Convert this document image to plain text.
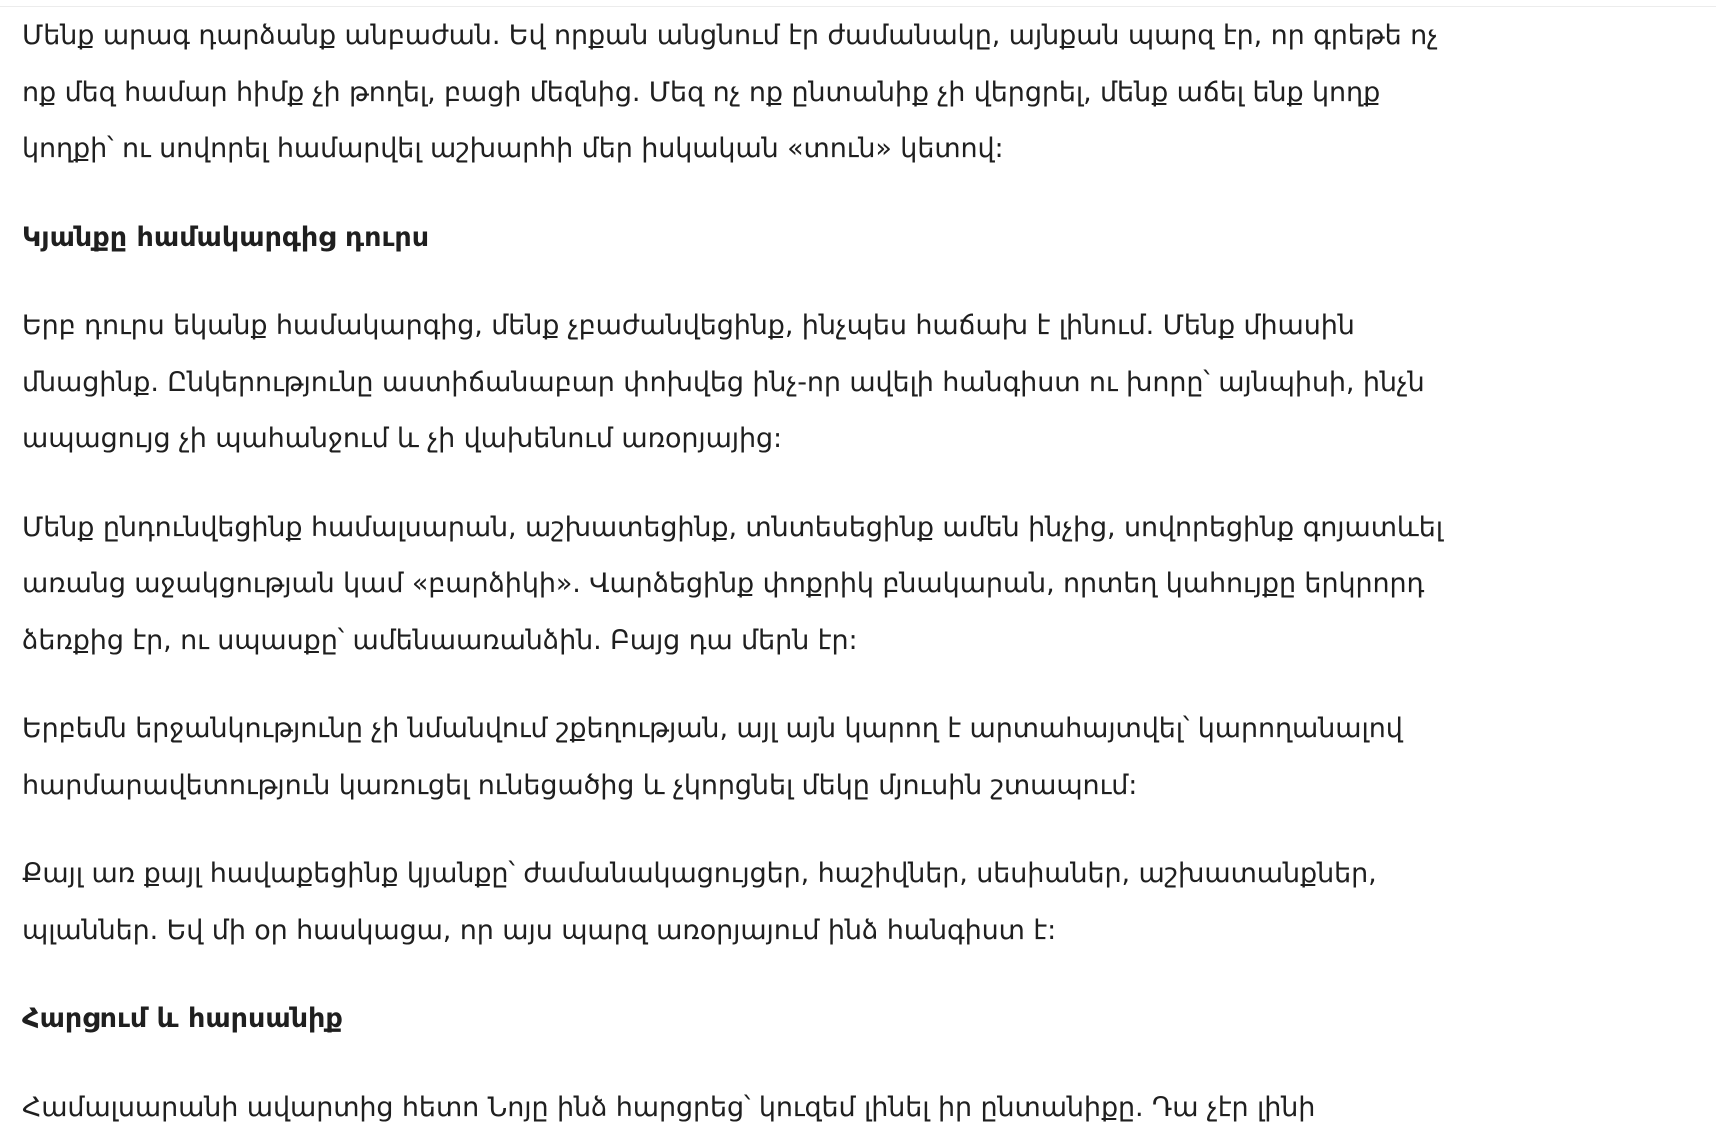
Մենք արագ դարձանք անբաժան. Եվ որքան անցնում էր ժամանակը, այնքան պարզ էր, որ գրեթե ոչ
ոք մեզ համար հիմք չի թողել, բացի մեզնից. Մեզ ոչ ոք ընտանիք չի վերցրել, մենք աճել ենք կողք
կողքի՝ ու սովորել համարվել աշխարհի մեր իսկական «տուն» կետով:

Կյանքը համակարգից դուրս

Երբ դուրս եկանք համակարգից, մենք չբաժանվեցինք, ինչպես հաճախ է լինում. Մենք միասին
մնացինք. Ընկերությունը աստիճանաբար փոխվեց ինչ-որ ավելի հանգիստ ու խորը՝ այնպիսի, ինչն
ապացույց չի պահանջում և չի վախենում առօրյայից:

Մենք ընդունվեցինք համալսարան, աշխատեցինք, տնտեսեցինք ամեն ինչից, սովորեցինք գոյատևել
առանց աջակցության կամ «բարձիկի». Վարձեցինք փոքրիկ բնակարան, որտեղ կահույքը երկրորդ
ձեռքից էր, ու սպասքը՝ ամենաառանձին. Բայց դա մերն էր:

Երբեմն երջանկությունը չի նմանվում շքեղության, այլ այն կարող է արտահայտվել՝ կարողանալով
հարմարավետություն կառուցել ունեցածից և չկորցնել մեկը մյուսին շտապում:

Քայլ առ քայլ հավաքեցինք կյանքը՝ ժամանակացույցեր, հաշիվներ, սեսիաներ, աշխատանքներ,
պլաններ. Եվ մի օր հասկացա, որ այս պարզ առօրյայում ինձ հանգիստ է:

Հարցում և հարսանիք

Համալսարանի ավարտից հետո Նոյը ինձ հարցրեց՝ կուզեմ լինել իր ընտանիքը. Դա չէր լինի
